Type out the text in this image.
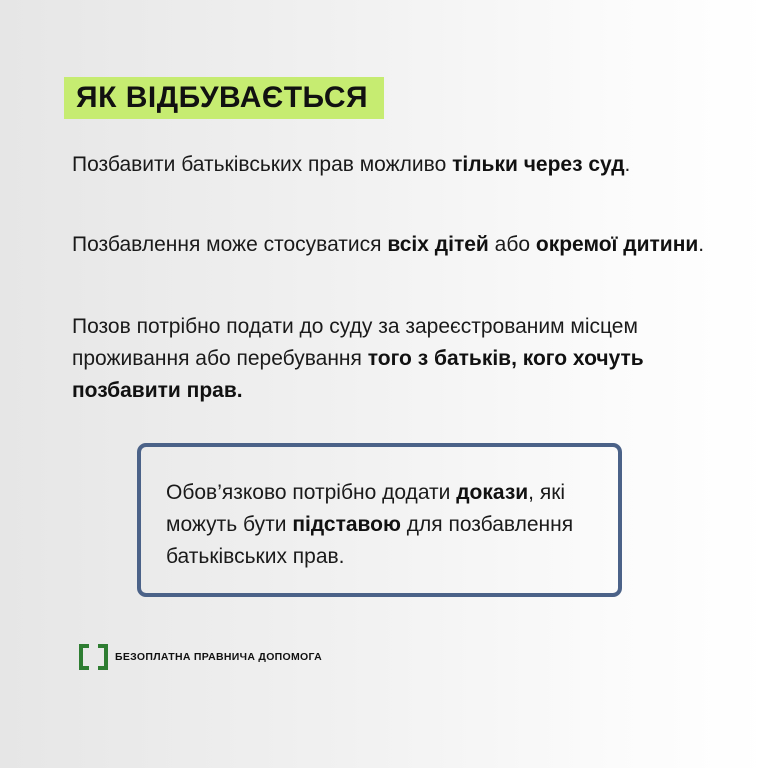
ЯК ВІДБУВАЄТЬСЯ

Позбавити батьківських прав можливо тільки через суд.

Позбавлення може стосуватися всіх дітей або окремої дитини.

Позов потрібно подати до суду за зареєстрованим місцем проживання або перебування того з батьків, кого хочуть позбавити прав.

Обов’язково потрібно додати докази, які можуть бути підставою для позбавлення батьківських прав.

БЕЗОПЛАТНА ПРАВНИЧА ДОПОМОГА
